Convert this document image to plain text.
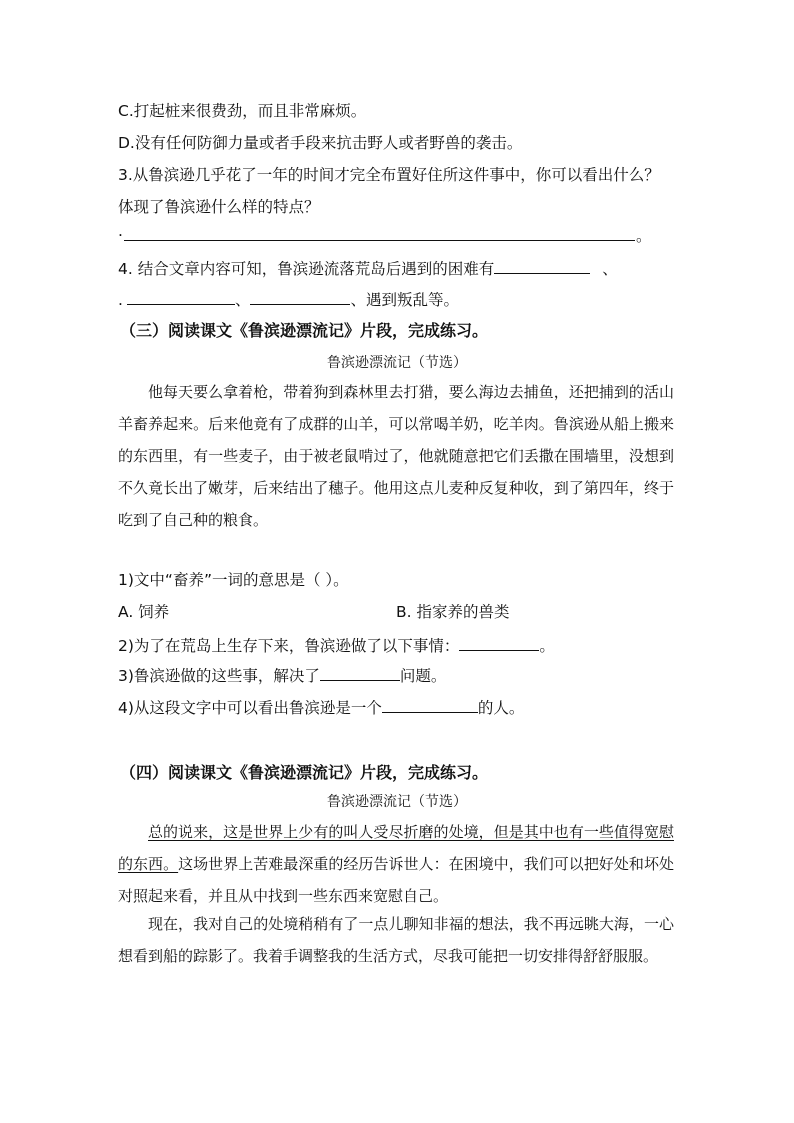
C.打起桩来很费劲，而且非常麻烦。
D.没有任何防御力量或者手段来抗击野人或者野兽的袭击。
3.从鲁滨逊几乎花了一年的时间才完全布置好住所这件事中，你可以看出什么？
体现了鲁滨逊什么样的特点？
.	。
4. 结合文章内容可知，鲁滨逊流落荒岛后遇到的困难有	、
.	、	、遇到叛乱等。
（三）阅读课文《鲁滨逊漂流记》片段，完成练习。
鲁滨逊漂流记（节选）

他每天要么拿着枪，带着狗到森林里去打猎，要么海边去捕鱼，还把捕到的活山羊畜养起来。后来他竟有了成群的山羊，可以常喝羊奶，吃羊肉。鲁滨逊从船上搬来的东西里，有一些麦子，由于被老鼠啃过了，他就随意把它们丢撒在围墙里，没想到不久竟长出了嫩芽，后来结出了穗子。他用这点儿麦种反复种收，到了第四年，终于吃到了自己种的粮食。

1)文中“畜养”一词的意思是（ ）。
A. 饲养	B. 指家养的兽类
2)为了在荒岛上生存下来，鲁滨逊做了以下事情：	。
3)鲁滨逊做的这些事，解决了	问题。
4)从这段文字中可以看出鲁滨逊是一个	的人。
（四）阅读课文《鲁滨逊漂流记》片段，完成练习。
鲁滨逊漂流记（节选）

总的说来，这是世界上少有的叫人受尽折磨的处境，但是其中也有一些值得宽慰的东西。这场世界上苦难最深重的经历告诉世人：在困境中，我们可以把好处和坏处对照起来看，并且从中找到一些东西来宽慰自己。

现在，我对自己的处境稍稍有了一点儿聊知非福的想法，我不再远眺大海，一心想看到船的踪影了。我着手调整我的生活方式，尽我可能把一切安排得舒舒服服。
